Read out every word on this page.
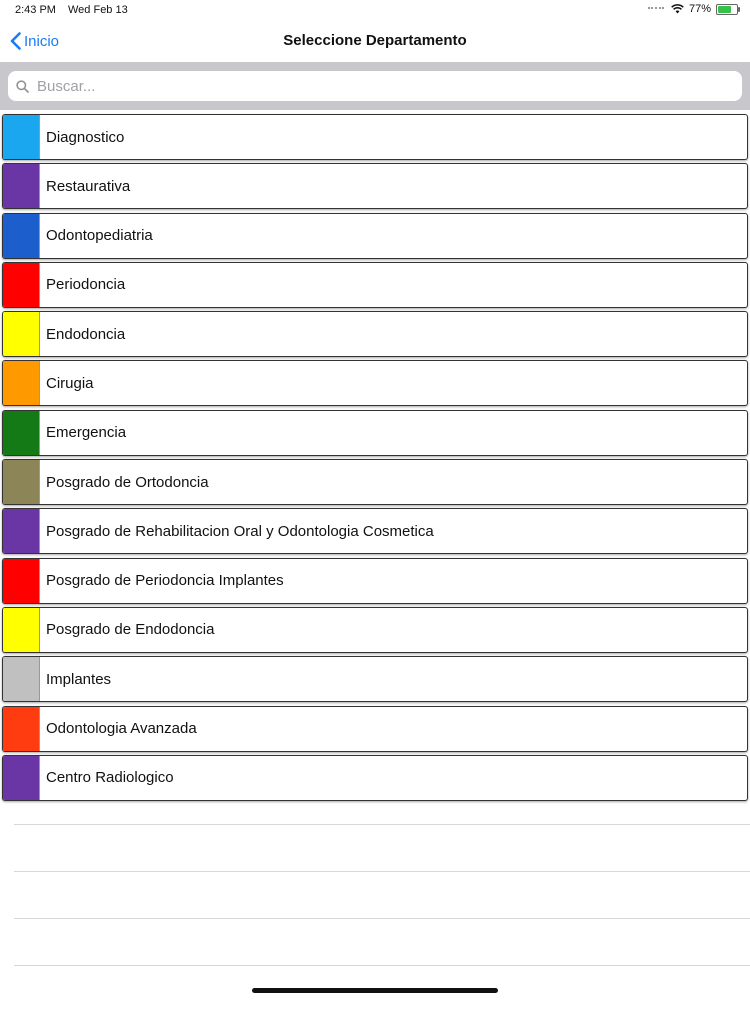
2:43 PM Wed Feb 13	77%
Inicio	Seleccione Departamento
Buscar...
Diagnostico
Restaurativa
Odontopediatria
Periodoncia
Endodoncia
Cirugia
Emergencia
Posgrado de Ortodoncia
Posgrado de Rehabilitacion Oral y Odontologia Cosmetica
Posgrado de Periodoncia Implantes
Posgrado de Endodoncia
Implantes
Odontologia Avanzada
Centro Radiologico
